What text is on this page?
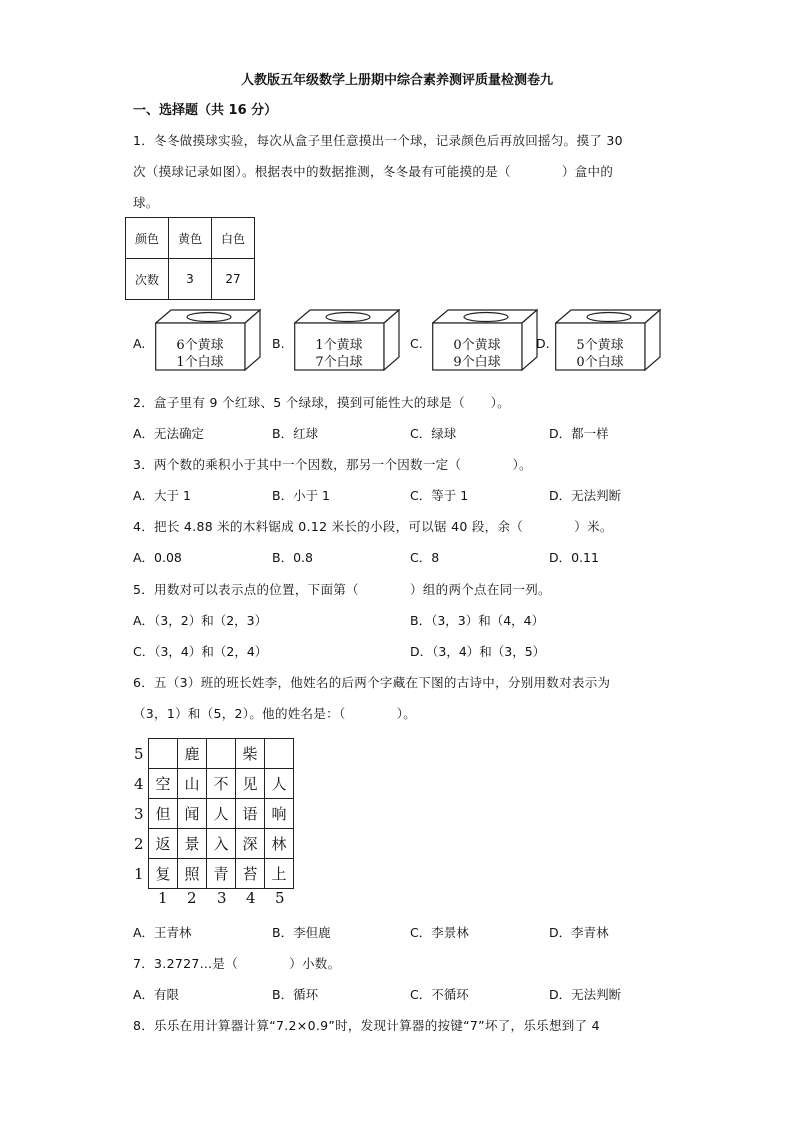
人教版五年级数学上册期中综合素养测评质量检测卷九
一、选择题（共 16 分）
1．冬冬做摸球实验，每次从盒子里任意摸出一个球，记录颜色后再放回摇匀。摸了 30
次（摸球记录如图）。根据表中的数据推测，冬冬最有可能摸的是（　　　　）盒中的
球。
颜色	黄色	白色
次数	3	27
A.	6个黄球
1个白球
B.	1个黄球
7个白球
C.	0个黄球
9个白球
D.	5个黄球
0个白球
2．盒子里有 9 个红球、5 个绿球，摸到可能性大的球是（　　）。
A．无法确定	B．红球	C．绿球	D．都一样
3．两个数的乘积小于其中一个因数，那另一个因数一定（　　　　）。
A．大于 1	B．小于 1	C．等于 1	D．无法判断
4．把长 4.88 米的木料锯成 0.12 米长的小段，可以锯 40 段，余（　　　　）米。
A．0.08	B．0.8	C．8	D．0.11
5．用数对可以表示点的位置，下面第（　　　　）组的两个点在同一列。
A．（3，2）和（2，3）	B．（3，3）和（4，4）
C．（3，4）和（2，4）	D．（3，4）和（3，5）
6．五（3）班的班长姓李，他姓名的后两个字藏在下图的古诗中，分别用数对表示为
（3，1）和（5，2）。他的姓名是：（　　　　）。
5
4
3
2
1
	鹿		柴	
空	山	不	见	人
但	闻	人	语	响
返	景	入	深	林
复	照	青	苔	上
1 2 3 4 5
A．王青林	B．李但鹿	C．李景林	D．李青林
7．3.2727…是（　　　　）小数。
A．有限	B．循环	C．不循环	D．无法判断
8．乐乐在用计算器计算“7.2×0.9”时，发现计算器的按键“7”坏了，乐乐想到了 4
